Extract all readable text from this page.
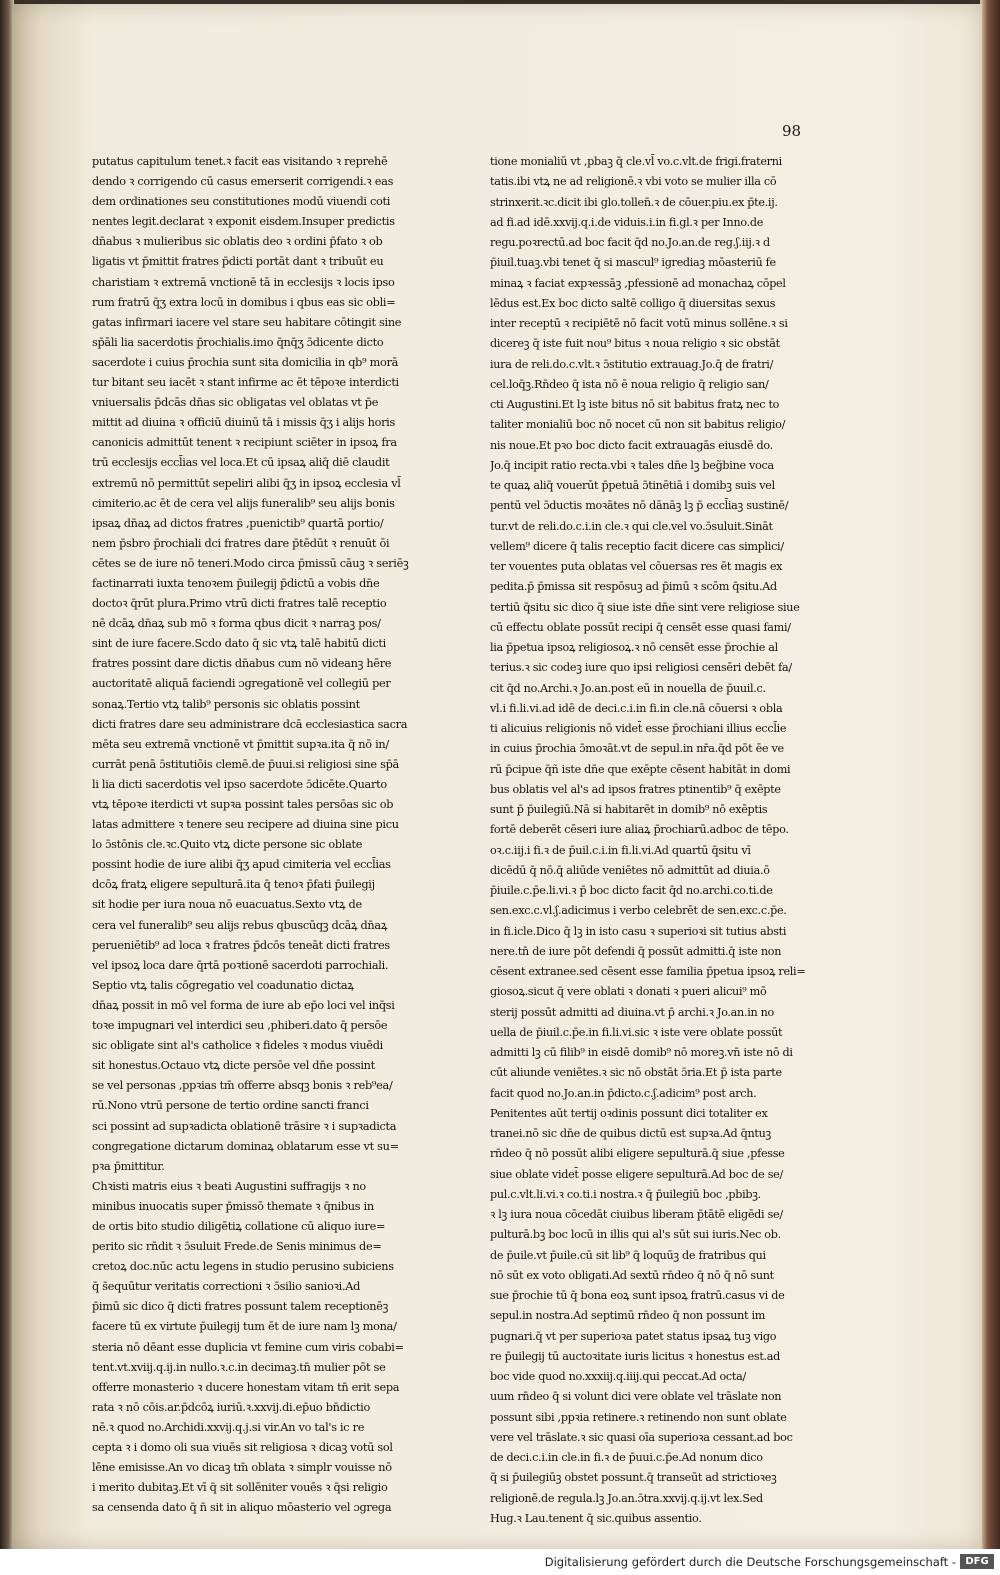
98
putatus capitulum tenet.ꝛ facit eas visitando ꝛ reprehē
dendo ꝛ corrigendo cū casus emerserit corrigendi.ꝛ eas
dem ordinationes seu constitutiones modū viuendi coti
nentes legit.declarat ꝛ exponit eisdem.Insuper predictis
dn̄abus ꝛ mulieribus sic oblatis deo ꝛ ordini p̄fato ꝛ ob
ligatis vt p̄mittit fratres p̄dicti portāt dant ꝛ tribuūt eu
charistiam ꝛ extremā vnctionē tā in ecclesijs ꝛ locis ipso
rum fratrū q̄ʒ extra locū in domibus i qbus eas sic obli=
gatas infirmari iacere vel stare seu habitare cōtingit sine
sp̄āli lia sacerdotis p̄rochialis.imo q̄nq̄ʒ ɔ̄dicente dicto
sacerdote i cuius p̄rochia sunt sita domicilia in qb⁹ morā
tur bitant seu iacēt ꝛ stant infirme ac ēt tēpoꝛe interdicti
vniuersalis p̄dcās dn̄as sic obligatas vel oblatas vt p̄e
mittit ad diuina ꝛ officiū diuinū tā i missis q̄ʒ i alijs horis
canonicis admittūt tenent ꝛ recipiunt sciēter in ipsoꝝ fra
trū ecclesijs eccl̄ias vel loca.Et cū ipsaꝝ aliq̄ diē claudit
extremū nō permittūt sepeliri alibi q̄ʒ in ipsoꝝ ecclesia vl̄
cimiterio.ac ēt de cera vel alijs funeralib⁹ seu alijs bonis
ipsaꝝ dn̄aꝝ ad dictos fratres ,puenictib⁹ quartā portio/
nem p̄sbro p̄rochiali dci fratres dare p̄tēdūt ꝛ renuūt ōi
cētes se de iure nō teneri.Modo circa p̄missū cāuꝫ ꝛ seriēꝫ
factinarrati iuxta tenoꝛem p̄uilegij p̄dictū a vobis dn̄e
doctoꝛ q̄rūt plura.Primo vtrū dicti fratres talē receptio
nē dcāꝝ dn̄aꝝ sub mō ꝛ forma qbus dicit ꝛ narraꝫ pos/
sint de iure facere.Scdo dato q̄ sic vtꝝ talē habitū dicti
fratres possint dare dictis dn̄abus cum nō videanꝫ hēre
auctoritatē aliquā faciendi ɔgregationē vel collegiū per
sonaꝝ.Tertio vtꝝ talib⁹ personis sic oblatis possint
dicti fratres dare seu administrare dcā ecclesiastica sacra
mēta seu extremā vnctionē vt p̄mittit supꝛa.ita q̄ nō in/
currāt penā ɔ̄stitutiōis clemē.de p̄uui.si religiosi sine sp̄ā
li lia dicti sacerdotis vel ipso sacerdote ɔ̄dicēte.Quarto
vtꝝ tēpoꝛe iterdicti vt supꝛa possint tales persōas sic ob
latas admittere ꝛ tenere seu recipere ad diuina sine picu
lo ɔ̄stōnis cle.ꝛc.Quito vtꝝ dicte persone sic oblate
possint hodie de iure alibi q̄ʒ apud cimiteria vel eccl̄ias
dcōꝝ fratꝝ eligere sepulturā.ita q̄ tenoꝛ p̄fati p̄uilegij
sit hodie per iura noua nō euacuatus.Sexto vtꝝ de
cera vel funeralib⁹ seu alijs rebus qbuscūqꝫ dcāꝝ dn̄aꝝ
perueniētib⁹ ad loca ꝛ fratres p̄dcōs teneāt dicti fratres
vel ipsoꝝ loca dare q̄rtā poꝛtionē sacerdoti parrochiali.
Septio vtꝝ talis cōgregatio vel coadunatio dictaꝝ
dn̄aꝝ possit in mō vel forma de iure ab ep̄o loci vel inq̄si
toꝛe impugnari vel interdici seu ,phiberi.dato q̄ persōe
sic obligate sint al's catholice ꝛ fideles ꝛ modus viuēdi
sit honestus.Octauo vtꝝ dicte persōe vel dn̄e possint
se vel personas ,ppꝛias tm̄ offerre absqꝫ bonis ꝛ reb⁹ea/
rū.Nono vtrū persone de tertio ordine sancti franci
sci possint ad supꝛadicta oblationē trāsire ꝛ i supꝛadicta
congregatione dictarum dominaꝝ oblatarum esse vt su=
pꝛa p̄mittitur.
Chꝛisti matris eius ꝛ beati Augustini suffragijs ꝛ no
minibus inuocatis super p̄missō themate ꝛ q̄nibus in
de ortis bito studio diligētiꝝ collatione cū aliquo iure=
perito sic rn̄dit ꝛ ɔ̄suluit Frede.de Senis minimus de=
cretoꝝ doc.nūc actu legens in studio perusino subiciens
q̄ s̄equūtur veritatis correctioni ꝛ ɔ̄silio sanioꝛi.Ad
p̄imū sic dico q̄ dicti fratres possunt talem receptionēꝫ
facere tū ex virtute p̄uilegij tum ēt de iure nam lꝫ mona/
steria nō dēant esse duplicia vt femine cum viris cobabi=
tent.vt.xviij.q.ij.in nullo.ꝛ.c.in decimaꝫ.tn̄ mulier pōt se
offerre monasterio ꝛ ducere honestam vitam tn̄ erit sepa
rata ꝛ nō cōis.ar.p̄dcōꝝ iuriū.ꝛ.xxvij.di.ep̄uo bn̄dictio
nē.ꝛ quod no.Archidi.xxvij.q.j.si vir.An vo tal's ic re
cepta ꝛ i domo oli sua viuēs sit religiosa ꝛ dicaꝫ votū sol
lēne emisisse.An vo dicaꝫ tm̄ oblata ꝛ simplr vouisse nō
i merito dubitaꝫ.Et vī q̄ sit sollēniter vouēs ꝛ q̄si religio
sa censenda dato q̄ n̄ sit in aliquo mōasterio vel ɔgrega
tione monialiū vt ,pbaꝫ q̄ cle.vl̄ vo.c.vlt.de frigi.fraterni
tatis.ibi vtꝝ ne ad religionē.ꝛ vbi voto se mulier illa cō
strinxerit.ꝛc.dicit ibi glo.tollen̄.ꝛ de cōuer.piu.ex p̄te.ij.
ad fi.ad idē.xxvij.q.i.de viduis.i.in fi.gl.ꝛ per Inno.de
regu.poꝛrectū.ad boc facit q̄d no.Jo.an.de reg.ʃ.iij.ꝛ d
p̄iuil.tuaꝫ.vbi tenet q̄ si mascul⁹ igrediaꝫ mōasteriū fe
minaꝝ ꝛ faciat expꝛessāꝫ ,pfessionē ad monachaꝝ cōpel
lēdus est.Ex boc dicto saltē colligo q̄ diuersitas sexus
inter receptū ꝛ recipiētē nō facit votū minus sollēne.ꝛ si
dicereꝫ q̄ iste fuit nou⁹ bitus ꝛ noua religio ꝛ sic obstāt
iura de reli.do.c.vlt.ꝛ ɔ̄stitutio extrauag.Jo.q̄ de fratri/
cel.loq̄ꝫ.Rn̄deo q̄ ista nō ē noua religio q̄ religio san/
cti Augustini.Et lꝫ iste bitus nō sit babitus fratꝝ nec to
taliter monialiū boc nō nocet cū non sit babitus religio/
nis noue.Et pꝛo boc dicto facit extrauagās eiusdē do.
Jo.q̄ incipit ratio recta.vbi ꝛ tales dn̄e lꝫ beg̃bine voca
te quaꝝ aliq̄ vouerūt p̄petuā ɔ̄tinētiā i domibꝫ suis vel
pentū vel ɔ̄ductis moꝛātes nō dānāꝫ lꝫ p̄ eccl̄iaꝫ sustinē/
tur.vt de reli.do.c.i.in cle.ꝛ qui cle.vel vo.ɔ̄suluit.Sināt
vellem⁹ dicere q̄ talis receptio facit dicere cas simplici/
ter vouentes puta oblatas vel cōuersas res ēt magis ex
pedita.p̄ p̄missa sit respōsuꝫ ad p̄imū ꝛ scōm q̄situ.Ad
tertiū q̄situ sic dico q̄ siue iste dn̄e sint vere religiose siue
cū effectu oblate possūt recipi q̄ censēt esse quasi fami/
lia p̄petua ipsoꝝ religiosoꝝ.ꝛ nō censēt esse p̄rochie al
terius.ꝛ sic codeꝫ iure quo ipsi religiosi censēri debēt fa/
cit q̄d no.Archi.ꝛ Jo.an.post eū in nouella de p̄uuil.c.
vl.i fi.li.vi.ad idē de deci.c.i.in fi.in cle.nā cōuersi ꝛ obla
ti alicuius religionis nō videt̄ esse p̄rochiani illius eccl̄ie
in cuius p̄rochia ɔ̄moꝛāt.vt de sepul.in nr̄a.q̄d pōt ēe ve
rū p̄cipue q̄ñ iste dn̄e que exēpte cēsent habitāt in domi
bus oblatis vel al's ad ipsos fratres ptinentib⁹ q̄ exēpte
sunt p̄ p̄uilegiū.Nā si habitarēt in domib⁹ nō exēptis
fortē deberēt cēseri iure aliaꝝ p̄rochiarū.adboc de tēpo.
oꝛ.c.iij.i fi.ꝛ de p̄uil.c.i.in fi.li.vi.Ad quartū q̄situ vī
dicēdū q̄ nō.q̄ aliūde veniētes nō admittūt ad diuia.ō
p̄iuile.c.p̄e.li.vi.ꝛ p̄ boc dicto facit q̄d no.archi.co.ti.de
sen.exc.c.vl.ʃ.adicimus i verbo celebrēt de sen.exc.c.p̄e.
in fi.icle.Dico q̄ lꝫ in isto casu ꝛ superioꝛi sit tutius absti
nere.tn̄ de iure pōt defendi q̄ possūt admitti.q̄ iste non
cēsent extranee.sed cēsent esse familia p̄petua ipsoꝝ reli=
giosoꝝ.sicut q̄ vere oblati ꝛ donati ꝛ pueri alicui⁹ mō
sterij possūt admitti ad diuina.vt p̄ archi.ꝛ Jo.an.in no
uella de p̄iuil.c.p̄e.in fi.li.vi.sic ꝛ iste vere oblate possūt
admitti lꝫ cū filib⁹ in eisdē domib⁹ nō moreꝫ.vn̄ iste nō di
cūt aliunde veniētes.ꝛ sic nō obstāt ɔ̄ria.Et p̄ ista parte
facit quod no.Jo.an.in p̄dicto.c.ʃ.adicim⁹ post arch.
Penitentes aūt tertij oꝛdinis possunt dici totaliter ex
tranei.nō sic dn̄e de quibus dictū est supꝛa.Ad q̄ntuꝫ
rn̄deo q̄ nō possūt alibi eligere sepulturā.q̄ siue ,pfesse
siue oblate videt̄ posse eligere sepulturā.Ad boc de se/
pul.c.vlt.li.vi.ꝛ co.ti.i nostra.ꝛ q̄ p̄uilegiū boc ,pbibꝫ.
ꝛ lꝫ iura noua cōcedāt ciuibus liberam p̄tātē eligēdi se/
pulturā.bꝫ boc locū in illis qui al's sūt sui iuris.Nec ob.
de p̄uile.vt p̄uile.cū sit lib⁹ q̄ loquūꝫ de fratribus qui
nō sūt ex voto obligati.Ad sextū rn̄deo q̄ nō q̄ nō sunt
sue p̄rochie tū q̄ bona eoꝝ sunt ipsoꝝ fratrū.casus vi de
sepul.in nostra.Ad septimū rn̄deo q̄ non possunt im
pugnari.q̄ vt per superioꝛa patet status ipsaꝝ tuꝫ vigo
re p̄uilegij tū auctoꝛitate iuris licitus ꝛ honestus est.ad
boc vide quod no.xxxiij.q.iiij.qui peccat.Ad octa/
uum rn̄deo q̄ si volunt dici vere oblate vel trāslate non
possunt sibi ,ppꝛia retinere.ꝛ retinendo non sunt oblate
vere vel trāslate.ꝛ sic quasi oīa superioꝛa cessant.ad boc
de deci.c.i.in cle.in fi.ꝛ de p̄uui.c.p̄e.Ad nonum dico
q̄ si p̄uilegiūꝫ obstet possunt.q̄ transeūt ad strictioꝛeꝫ
religionē.de regula.lꝫ Jo.an.ɔ̄tra.xxvij.q.ij.vt lex.Sed
Hug.ꝛ Lau.tenent q̄ sic.quibus assentio.
Digitalisierung gefördert durch die Deutsche Forschungsgemeinschaft - DFG
